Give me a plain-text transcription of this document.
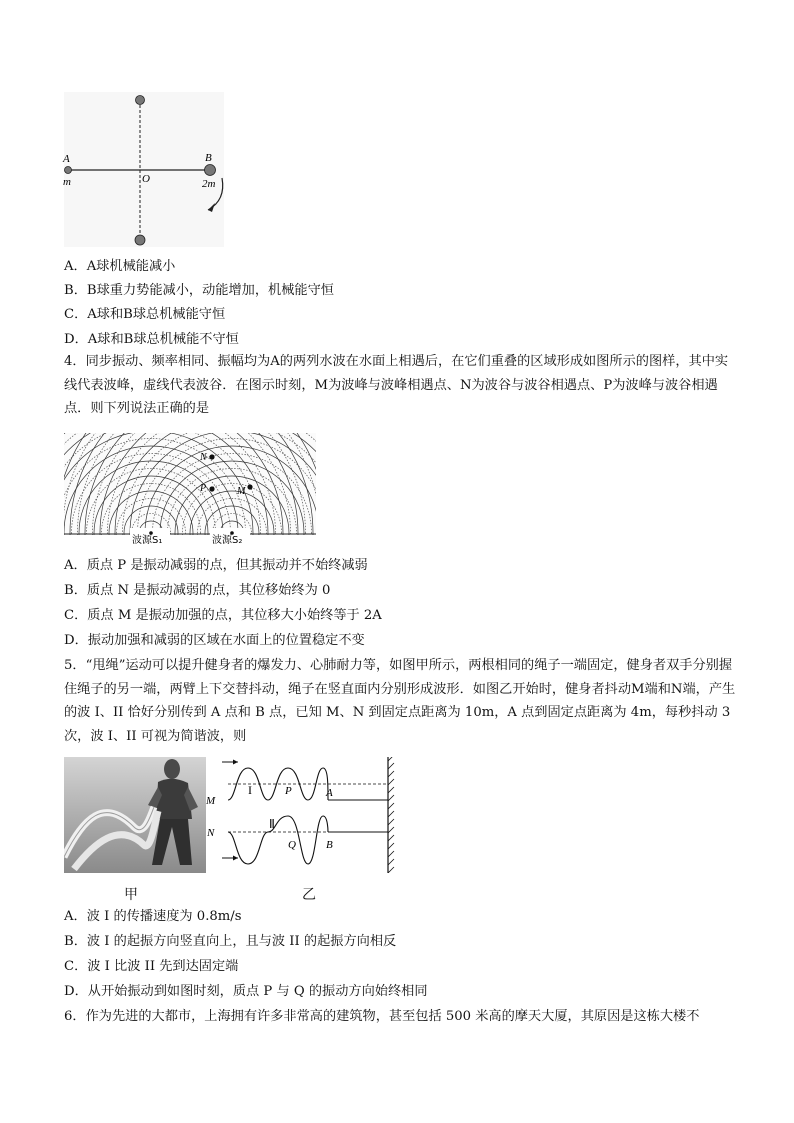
A
m	O
B
2m
A．A球机械能减小
B．B球重力势能减小，动能增加，机械能守恒
C．A球和B球总机械能守恒
D．A球和B球总机械能不守恒
4．同步振动、频率相同、振幅均为A的两列水波在水面上相遇后，在它们重叠的区域形成如图所示的图样，其中实线代表波峰，虚线代表波谷．在图示时刻，M为波峰与波峰相遇点、N为波谷与波谷相遇点、P为波峰与波谷相遇点．则下列说法正确的是
N
P	M
波源S₁	波源S₂
A．质点 P 是振动减弱的点，但其振动并不始终减弱
B．质点 N 是振动减弱的点，其位移始终为 0
C．质点 M 是振动加强的点，其位移大小始终等于 2A
D．振动加强和减弱的区域在水面上的位置稳定不变
5．“甩绳”运动可以提升健身者的爆发力、心肺耐力等，如图甲所示，两根相同的绳子一端固定，健身者双手分别握住绳子的另一端，两臂上下交替抖动，绳子在竖直面内分别形成波形．如图乙开始时，健身者抖动M端和N端，产生的波 I、II 恰好分别传到 A 点和 B 点，已知 M、N 到固定点距离为 10m，A 点到固定点距离为 4m，每秒抖动 3次，波 I、II 可视为简谐波，则
甲
M
N
I
Ⅱ
P
Q
A
B
乙
A．波 I 的传播速度为 0.8m/s
B．波 I 的起振方向竖直向上，且与波 II 的起振方向相反
C．波 I 比波 II 先到达固定端
D．从开始振动到如图时刻，质点 P 与 Q 的振动方向始终相同
6．作为先进的大都市，上海拥有许多非常高的建筑物，甚至包括 500 米高的摩天大厦，其原因是这栋大楼不
